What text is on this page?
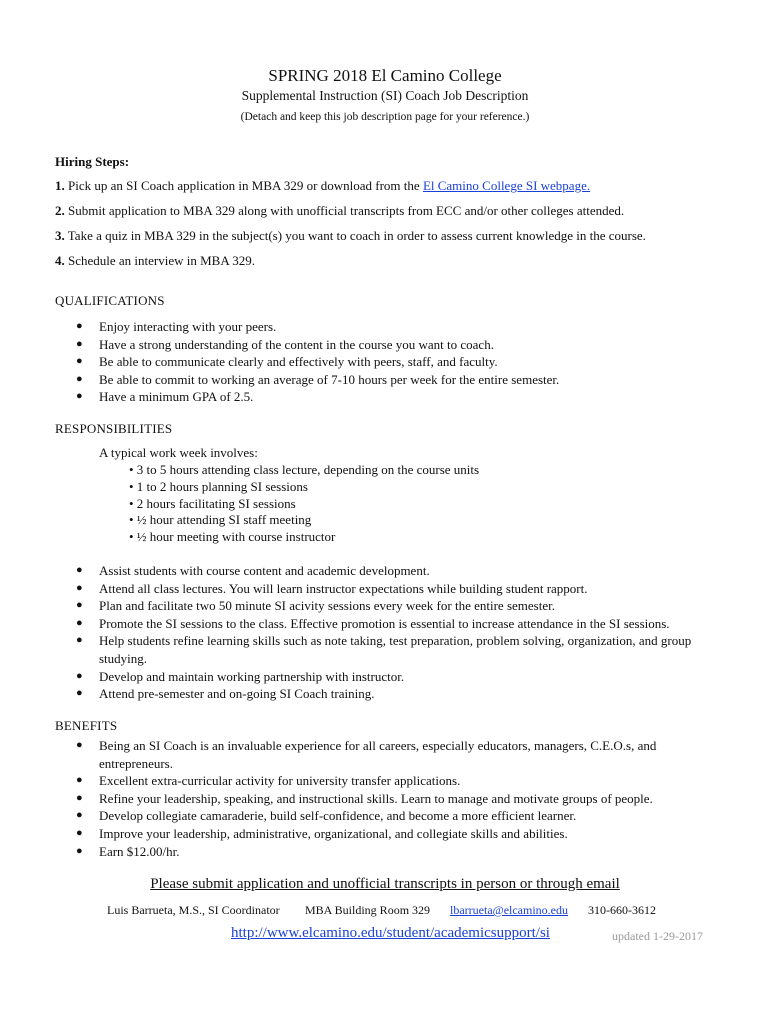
SPRING 2018 El Camino College
Supplemental Instruction (SI) Coach Job Description
(Detach and keep this job description page for your reference.)
Hiring Steps:
1. Pick up an SI Coach application in MBA 329 or download from the El Camino College SI webpage.
2. Submit application to MBA 329 along with unofficial transcripts from ECC and/or other colleges attended.
3. Take a quiz in MBA 329 in the subject(s) you want to coach in order to assess current knowledge in the course.
4. Schedule an interview in MBA 329.
QUALIFICATIONS
● Enjoy interacting with your peers.
● Have a strong understanding of the content in the course you want to coach.
● Be able to communicate clearly and effectively with peers, staff, and faculty.
● Be able to commit to working an average of 7-10 hours per week for the entire semester.
● Have a minimum GPA of 2.5.
RESPONSIBILITIES
A typical work week involves:
• 3 to 5 hours attending class lecture, depending on the course units
• 1 to 2 hours planning SI sessions
• 2 hours facilitating SI sessions
• ½ hour attending SI staff meeting
• ½ hour meeting with course instructor
● Assist students with course content and academic development.
● Attend all class lectures. You will learn instructor expectations while building student rapport.
● Plan and facilitate two 50 minute SI acivity sessions every week for the entire semester.
● Promote the SI sessions to the class. Effective promotion is essential to increase attendance in the SI sessions.
● Help students refine learning skills such as note taking, test preparation, problem solving, organization, and group studying.
● Develop and maintain working partnership with instructor.
● Attend pre-semester and on-going SI Coach training.
BENEFITS
● Being an SI Coach is an invaluable experience for all careers, especially educators, managers, C.E.O.s, and entrepreneurs.
● Excellent extra-curricular activity for university transfer applications.
● Refine your leadership, speaking, and instructional skills. Learn to manage and motivate groups of people.
● Develop collegiate camaraderie, build self-confidence, and become a more efficient learner.
● Improve your leadership, administrative, organizational, and collegiate skills and abilities.
● Earn $12.00/hr.
Please submit application and unofficial transcripts in person or through email
Luis Barrueta, M.S., SI Coordinator MBA Building Room 329 lbarrueta@elcamino.edu 310-660-3612
http://www.elcamino.edu/student/academicsupport/si	updated 1-29-2017
